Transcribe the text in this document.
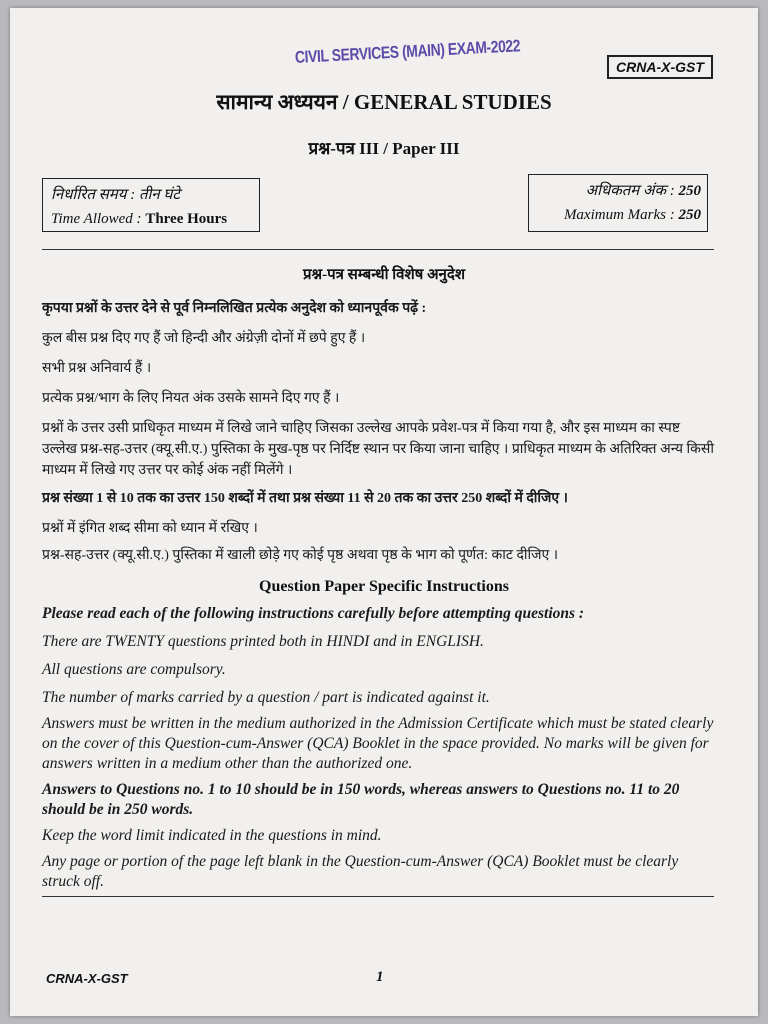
CIVIL SERVICES (MAIN) EXAM-2022
CRNA-X-GST
सामान्य अध्ययन / GENERAL STUDIES
प्रश्न-पत्र III / Paper III
निर्धारित समय : तीन घंटे
Time Allowed : Three Hours
अधिकतम अंक : 250
Maximum Marks : 250
प्रश्न-पत्र सम्बन्धी विशेष अनुदेश
कृपया प्रश्नों के उत्तर देने से पूर्व निम्नलिखित प्रत्येक अनुदेश को ध्यानपूर्वक पढ़ें :
कुल बीस प्रश्न दिए गए हैं जो हिन्दी और अंग्रेज़ी दोनों में छपे हुए हैं ।
सभी प्रश्न अनिवार्य हैं ।
प्रत्येक प्रश्न/भाग के लिए नियत अंक उसके सामने दिए गए हैं ।
प्रश्नों के उत्तर उसी प्राधिकृत माध्यम में लिखे जाने चाहिए जिसका उल्लेख आपके प्रवेश-पत्र में किया गया है, और इस माध्यम का स्पष्ट उल्लेख प्रश्न-सह-उत्तर (क्यू.सी.ए.) पुस्तिका के मुख-पृष्ठ पर निर्दिष्ट स्थान पर किया जाना चाहिए । प्राधिकृत माध्यम के अतिरिक्त अन्य किसी माध्यम में लिखे गए उत्तर पर कोई अंक नहीं मिलेंगे ।
प्रश्न संख्या 1 से 10 तक का उत्तर 150 शब्दों में तथा प्रश्न संख्या 11 से 20 तक का उत्तर 250 शब्दों में दीजिए ।
प्रश्नों में इंगित शब्द सीमा को ध्यान में रखिए ।
प्रश्न-सह-उत्तर (क्यू.सी.ए.) पुस्तिका में खाली छोड़े गए कोई पृष्ठ अथवा पृष्ठ के भाग को पूर्णत: काट दीजिए ।
Question Paper Specific Instructions
Please read each of the following instructions carefully before attempting questions :
There are TWENTY questions printed both in HINDI and in ENGLISH.
All questions are compulsory.
The number of marks carried by a question / part is indicated against it.
Answers must be written in the medium authorized in the Admission Certificate which must be stated clearly on the cover of this Question-cum-Answer (QCA) Booklet in the space provided. No marks will be given for answers written in a medium other than the authorized one.
Answers to Questions no. 1 to 10 should be in 150 words, whereas answers to Questions no. 11 to 20 should be in 250 words.
Keep the word limit indicated in the questions in mind.
Any page or portion of the page left blank in the Question-cum-Answer (QCA) Booklet must be clearly struck off.
CRNA-X-GST	1
